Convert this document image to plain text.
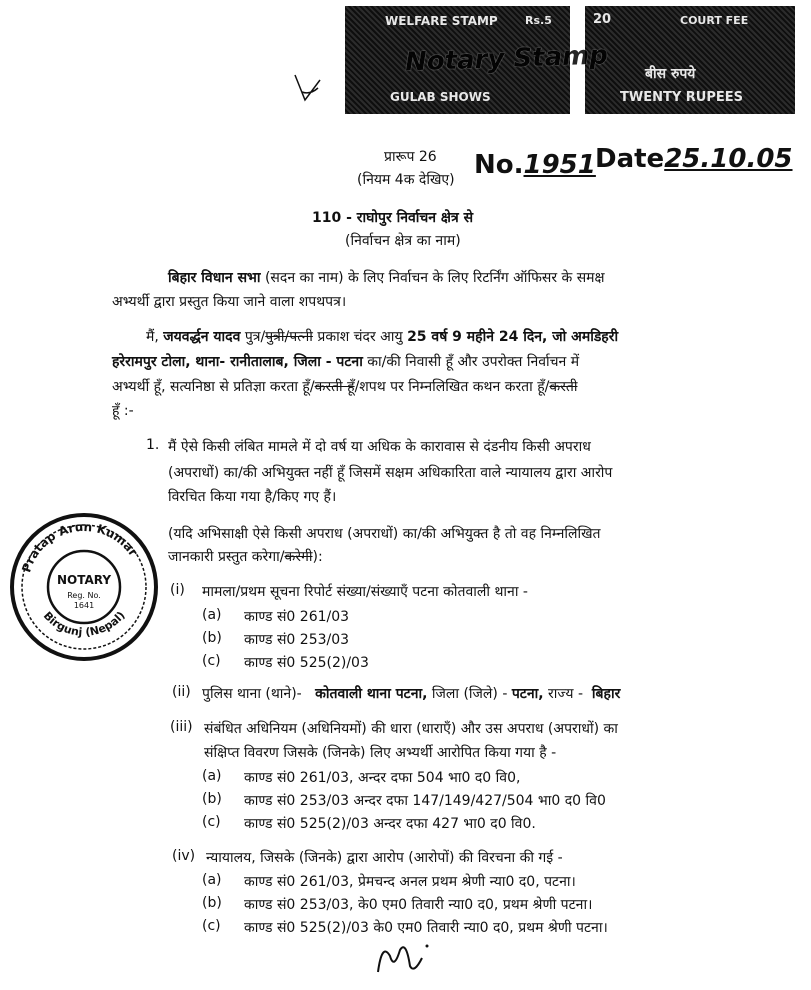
WELFARE STAMP Rs.5
GULAB SHOWS
20	COURT FEE
बीस रुपये
TWENTY RUPEES
Notary Stamp
प्रारूप 26
(नियम 4क देखिए) No.1951 Date25.10.05
110 - राघोपुर निर्वाचन क्षेत्र से
(निर्वाचन क्षेत्र का नाम)
बिहार विधान सभा (सदन का नाम) के लिए निर्वाचन के लिए रिटर्निंग ऑफिसर के समक्ष
अभ्यर्थी द्वारा प्रस्तुत किया जाने वाला शपथपत्र।
मैं, जयवर्द्धन यादव पुत्र/पुत्री/पत्नी प्रकाश चंदर आयु 25 वर्ष 9 महीने 24 दिन, जो अमडिहरी
हरेरामपुर टोला, थाना- रानीतालाब, जिला - पटना का/की निवासी हूँ और उपरोक्त निर्वाचन में
अभ्यर्थी हूँ, सत्यनिष्ठा से प्रतिज्ञा करता हूँ/करती हूँ/शपथ पर निम्नलिखित कथन करता हूँ/करती
हूँ :-
1. मैं ऐसे किसी लंबित मामले में दो वर्ष या अधिक के कारावास से दंडनीय किसी अपराध
(अपराधों) का/की अभियुक्त नहीं हूँ जिसमें सक्षम अधिकारिता वाले न्यायालय द्वारा आरोप
विरचित किया गया है/किए गए हैं।
(यदि अभिसाक्षी ऐसे किसी अपराध (अपराधों) का/की अभियुक्त है तो वह निम्नलिखित
जानकारी प्रस्तुत करेगा/करेगी):
(i) मामला/प्रथम सूचना रिपोर्ट संख्या/संख्याएँ पटना कोतवाली थाना -
(a) काण्ड सं0 261/03
(b) काण्ड सं0 253/03
(c) काण्ड सं0 525(2)/03
(ii) पुलिस थाना (थाने)- कोतवाली थाना पटना, जिला (जिले) - पटना, राज्य -  बिहार
(iii) संबंधित अधिनियम (अधिनियमों) की धारा (धाराएँ) और उस अपराध (अपराधों) का
संक्षिप्त विवरण जिसके (जिनके) लिए अभ्यर्थी आरोपित किया गया है -
(a) काण्ड सं0 261/03, अन्दर दफा 504 भा0 द0 वि0,
(b) काण्ड सं0 253/03 अन्दर दफा 147/149/427/504 भा0 द0 वि0
(c) काण्ड सं0 525(2)/03 अन्दर दफा 427 भा0 द0 वि0.
(iv) न्यायालय, जिसके (जिनके) द्वारा आरोप (आरोपों) की विरचना की गई -
(a) काण्ड सं0 261/03, प्रेमचन्द अनल प्रथम श्रेणी न्या0 द0, पटना।
(b) काण्ड सं0 253/03, के0 एम0 तिवारी न्या0 द0, प्रथम श्रेणी पटना।
(c) काण्ड सं0 525(2)/03 के0 एम0 तिवारी न्या0 द0, प्रथम श्रेणी पटना।
Pratap Arun Kumar
Birgunj (Nepal)
NOTARY
Reg. No.
1641
